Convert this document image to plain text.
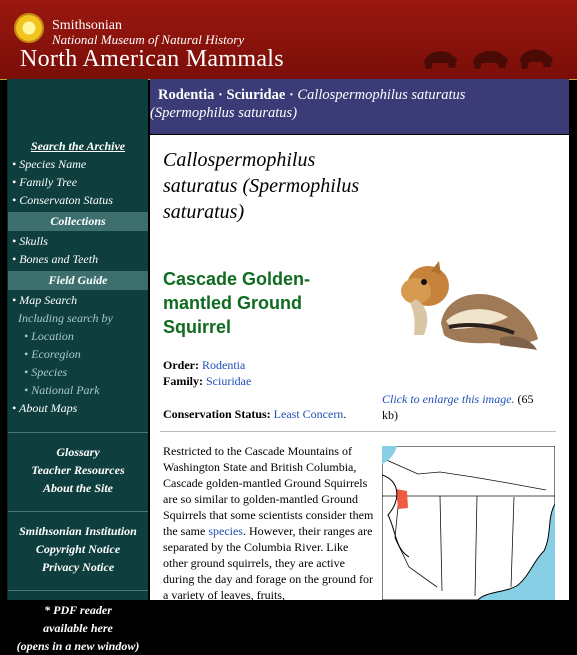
Smithsonian
National Museum of Natural History
North American Mammals
Search the Archive
• Species Name
• Family Tree
• Conservaton Status
Collections
• Skulls
• Bones and Teeth
Field Guide
• Map Search
Including search by
• Location
• Ecoregion
• Species
• National Park
• About Maps
Glossary
Teacher Resources
About the Site
Smithsonian Institution
Copyright Notice
Privacy Notice
* PDF reader
available here
(opens in a new window)
Rodentia · Sciuridae · Callospermophilus saturatus
(Spermophilus saturatus)
Callospermophilus saturatus (Spermophilus saturatus)
Cascade Golden-mantled Ground Squirrel
Order: Rodentia
Family: Sciuridae
Conservation Status: Least Concern.
Click to enlarge this image. (65 kb)
Restricted to the Cascade Mountains of Washington State and British Columbia, Cascade golden-mantled Ground Squirrels are so similar to golden-mantled Ground Squirrels that some scientists consider them the same species. However, their ranges are separated by the Columbia River. Like other ground squirrels, they are active during the day and forage on the ground for a variety of leaves, fruits,
